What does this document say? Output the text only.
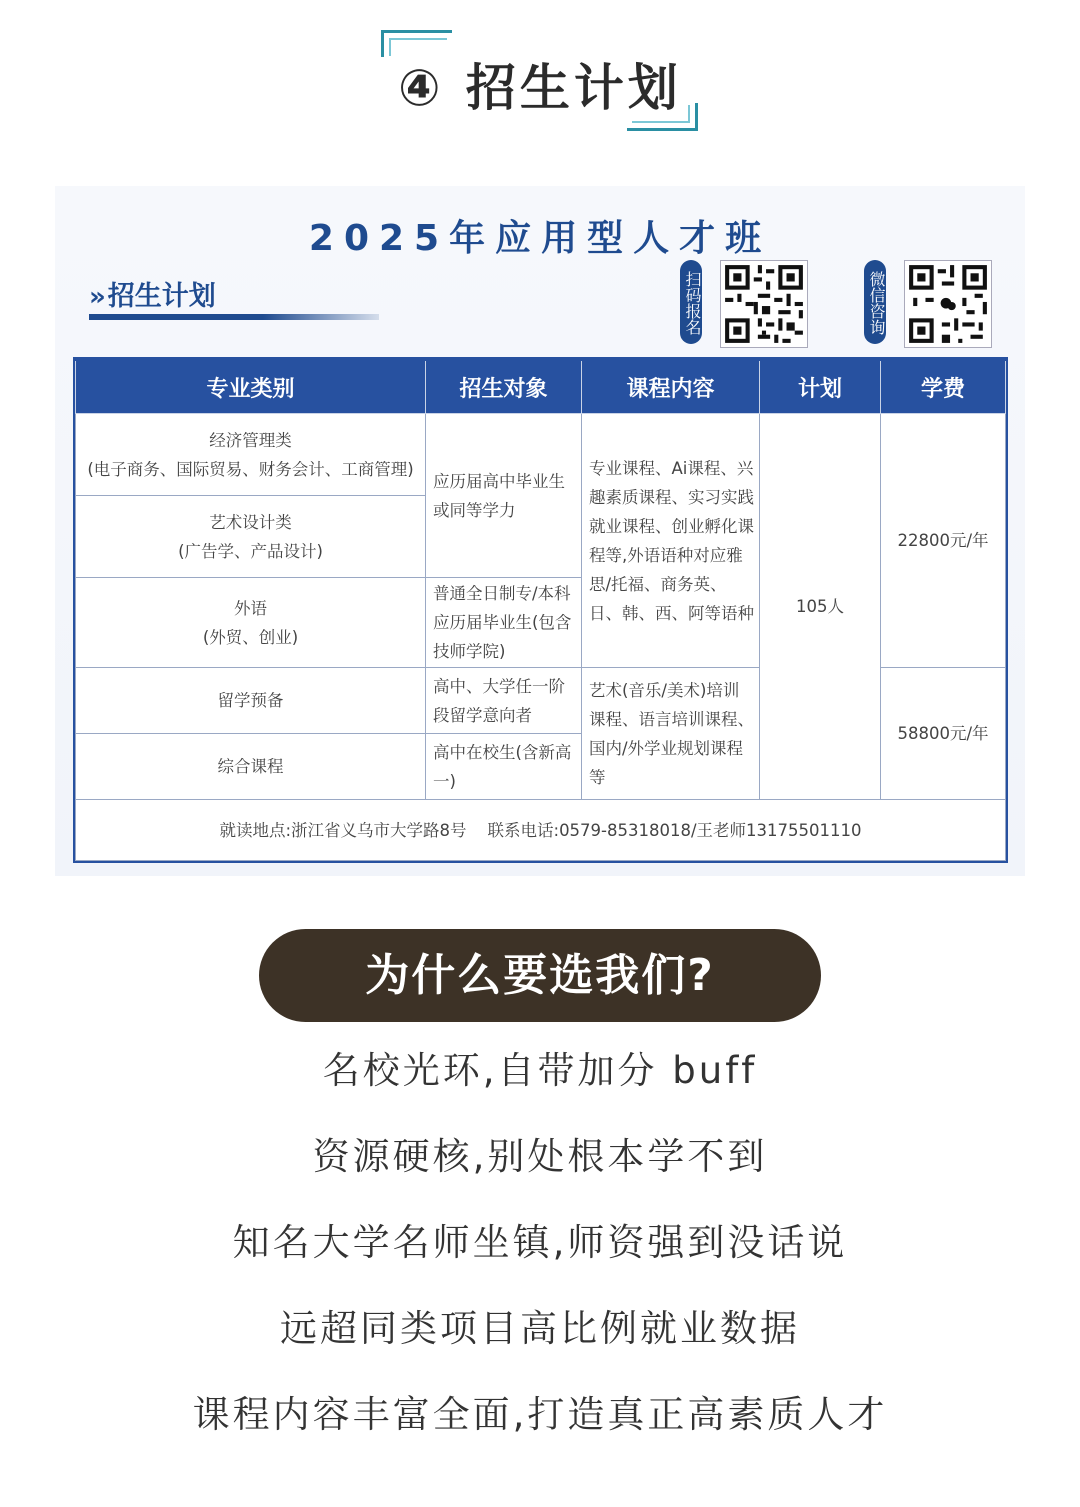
④ 招生计划
2025年应用型人才班
»招生计划	扫码报名	微信咨询
专业类别	招生对象	课程内容	计划	学费

经济管理类
(电子商务、国际贸易、财务会计、工商管理)	应历届高中毕业生或同等学力	专业课程、Ai课程、兴趣素质课程、实习实践就业课程、创业孵化课程等,外语语种对应雅思/托福、商务英、日、韩、西、阿等语种	105人	22800元/年

艺术设计类
(广告学、产品设计)				

外语
(外贸、创业)	普通全日制专/本科应历届毕业生(包含技师学院)			

留学预备	高中、大学任一阶段留学意向者	艺术(音乐/美术)培训课程、语言培训课程、国内/外学业规划课程等		58800元/年

综合课程	高中在校生(含新高一)			
就读地点:浙江省义乌市大学路8号    联系电话:0579-85318018/王老师13175501110				
为什么要选我们?
名校光环,自带加分 buff
资源硬核,别处根本学不到
知名大学名师坐镇,师资强到没话说
远超同类项目高比例就业数据
课程内容丰富全面,打造真正高素质人才
